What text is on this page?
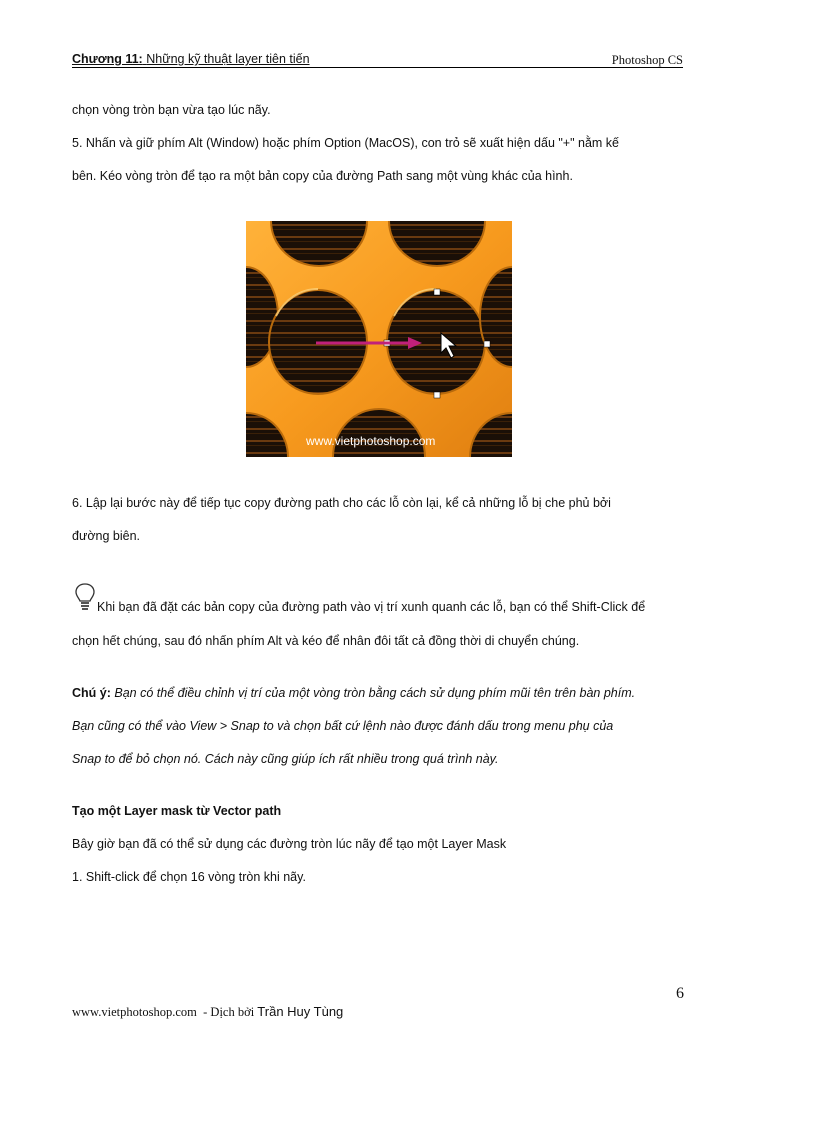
Chương 11: Những kỹ thuật layer tiên tiến	Photoshop CS
chọn vòng tròn bạn vừa tạo lúc nãy.
5. Nhấn và giữ phím Alt (Window) hoặc phím Option (MacOS), con trỏ sẽ xuất hiện dấu "+" nằm kế
bên. Kéo vòng tròn để tạo ra một bản copy của đường Path sang một vùng khác của hình.
www.vietphotoshop.com
6. Lập lại bước này để tiếp tục copy đường path cho các lỗ còn lại, kể cả những lỗ bị che phủ bởi
đường biên.
Khi bạn đã đặt các bản copy của đường path vào vị trí xunh quanh các lỗ, bạn có thể Shift-Click để
chọn hết chúng, sau đó nhấn phím Alt và kéo để nhân đôi tất cả đồng thời di chuyển chúng.
Chú ý: Bạn có thể điều chỉnh vị trí của một vòng tròn bằng cách sử dụng phím mũi tên trên bàn phím.
Bạn cũng có thể vào View > Snap to và chọn bất cứ lệnh nào được đánh dấu trong menu phụ của
Snap to để bỏ chọn nó. Cách này cũng giúp ích rất nhiều trong quá trình này.
Tạo một Layer mask từ Vector path
Bây giờ bạn đã có thể sử dụng các đường tròn lúc nãy để tạo một Layer Mask
1. Shift-click để chọn 16 vòng tròn khi nãy.
6
www.vietphotoshop.com - Dịch bởi Trần Huy Tùng
